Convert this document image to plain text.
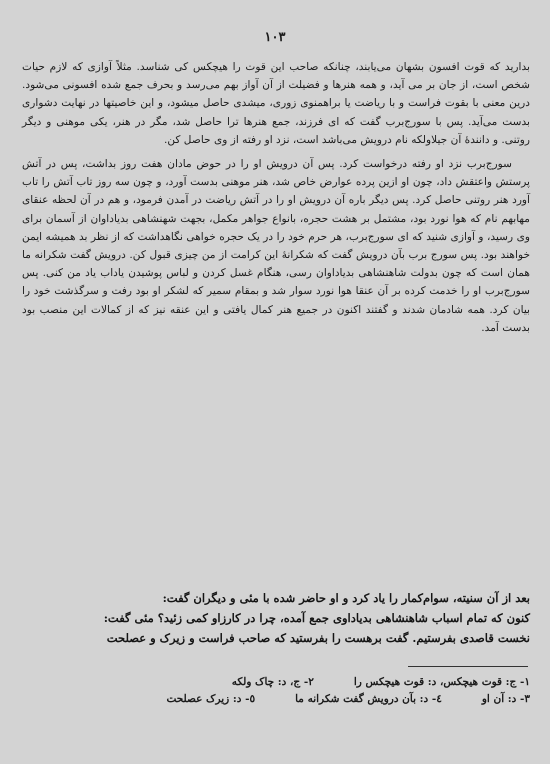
١٠٣

بدارید که قوت افسون بشهان می‌یابند، چنانکه صاحب این قوت را هیچکس کی شناسد. مثلاً آوازی که لازم حیات شخص است، از جان بر می آید، و همه هنرها و فضیلت از آن آواز بهم می‌رسد و بحرف جمع شده افسونی می‌شود. درین معنی با بقوت فراست و با ریاضت یا براهمنوی زوری، میشدی حاصل میشود، و این خاصیتها در نهایت دشواری بدست می‌آید. پس با سورج‌برب گفت که ای فرزند، جمع هنرها ترا حاصل شد، مگر در هنر، یکی موهنی و دیگر روتنی. و دانندهٔ آن جیلاولکه نام درویش می‌باشد است، نزد او رفته از وی حاصل کن.

سورج‌برب نزد او رفته درخواست کرد. پس آن درویش او را در حوض مادان هفت روز بداشت، پس در آتش پرستش واعتقش داد، چون او ازین پرده عوارض خاص شد، هنر موهنی بدست آورد، و چون سه روز تاب آتش را تاب آورد هنر روتنی حاصل کرد. پس دیگر باره آن درویش او را در آتش ریاضت در آمدن فرمود، و هم در آن لحظه عنقای مهابهم نام که هوا نورد بود، مشتمل بر هشت حجره، بانواع جواهر مکمل، بجهت شهنشاهی بدیاداوان از آسمان برای وی رسید، و آوازی شنید که ای سورج‌برب، هر حرم خود را در یک حجره خواهی نگاهداشت که از نظر بد همیشه ایمن خواهند بود. پس سورج برب بآن درویش گفت که شکرانهٔ این کرامت از من چیزی قبول کن. درویش گفت شکرانه ما همان است که چون بدولت شاهنشاهی بدیاداوان رسی، هنگام غسل کردن و لباس پوشیدن یاداب یاد من کنی. پس سورج‌برب او را خدمت کرده بر آن عنقا هوا نورد سوار شد و بمقام سمیر که لشکر او بود رفت و سرگذشت خود را بیان کرد. همه شادمان شدند و گفتند اکنون در جمیع هنر کمال یافتی و این عنقه نیز که از کمالات این منصب بود بدست آمد.

بعد از آن سنیته، سوام‌کمار را یاد کرد و او حاضر شده با مئی و دیگران گفت:

کنون که تمام اسباب شاهنشاهی بدیاداوی جمع آمده، چرا در کارزاو کمی زئید؟ مئی گفت:

نخست قاصدی بفرستیم. گفت برهست را بفرستید که صاحب فراست و زیرک و عصلحت

١- ج: قوت هیچکس، د: قوت هیچکس را
٢- ج، د: چاک ولکه
٣- د: آن او
٤- د: بآن درویش گفت شکرانه ما
٥- د: زیرک عصلحت
